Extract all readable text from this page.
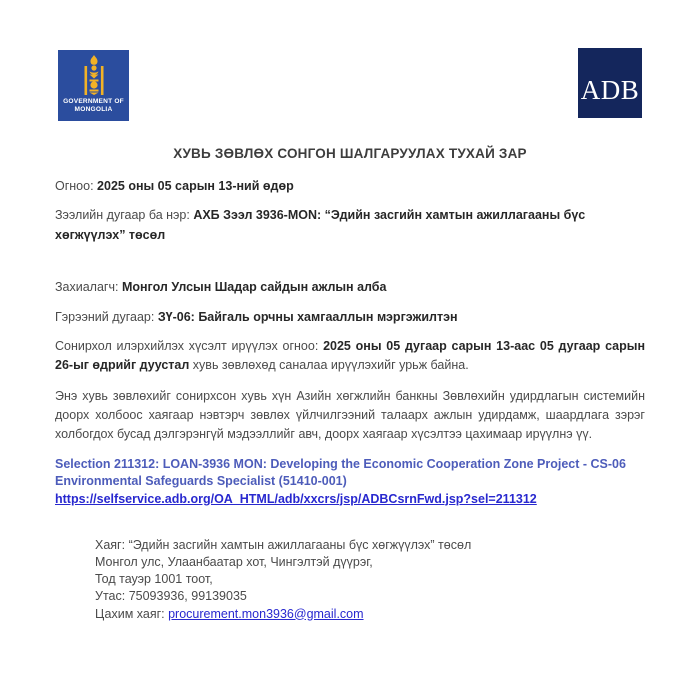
GOVERNMENT OF
MONGOLIA
ADB
ХУВЬ ЗӨВЛӨХ СОНГОН ШАЛГАРУУЛАХ ТУХАЙ ЗАР

Огноо: 2025 оны 05 сарын 13-ний өдөр

Зээлийн дугаар ба нэр: АХБ Зээл 3936-MON: “Эдийн засгийн хамтын ажиллагааны бүс хөгжүүлэх” төсөл

Захиалагч: Монгол Улсын Шадар сайдын ажлын алба

Гэрээний дугаар: ЗҮ-06: Байгаль орчны хамгааллын мэргэжилтэн

Сонирхол илэрхийлэх хүсэлт ирүүлэх огноо: 2025 оны 05 дугаар сарын 13-аас 05 дугаар сарын 26-ыг өдрийг дуустал хувь зөвлөхөд саналаа ирүүлэхийг урьж байна.

Энэ хувь зөвлөхийг сонирхсон хувь хүн Азийн хөгжлийн банкны Зөвлөхийн удирдлагын системийн доорх холбоос хаягаар нэвтэрч зөвлөх үйлчилгээний талаарх ажлын удирдамж, шаардлага зэрэг холбогдох бусад дэлгэрэнгүй мэдээллийг авч, доорх хаягаар хүсэлтээ цахимаар ирүүлнэ үү.

Selection 211312: LOAN-3936 MON: Developing the Economic Cooperation Zone Project - CS-06 Environmental Safeguards Specialist (51410-001)
https://selfservice.adb.org/OA_HTML/adb/xxcrs/jsp/ADBCsrnFwd.jsp?sel=211312
Хаяг: “Эдийн засгийн хамтын ажиллагааны бүс хөгжүүлэх” төсөл
Монгол улс, Улаанбаатар хот, Чингэлтэй дүүрэг,
Тод тауэр 1001 тоот,
Утас: 75093936, 99139035
Цахим хаяг: procurement.mon3936@gmail.com
